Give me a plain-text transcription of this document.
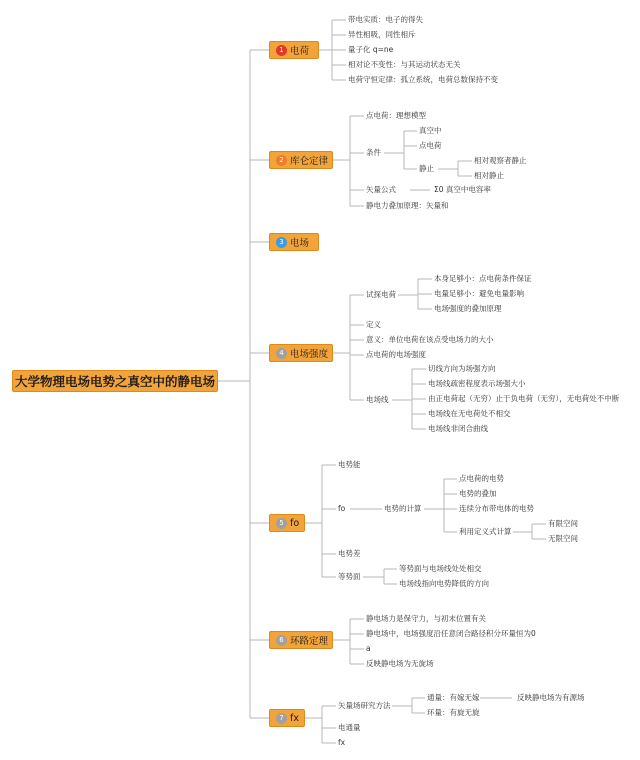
大学物理电场电势之真空中的静电场
1 电荷
2 库仑定律
3 电场
4 电场强度
5 fo
6 环路定理
7 fx
带电实质：电子的得失
异性相吸，同性相斥
量子化 q=ne
相对论不变性：与其运动状态无关
电荷守恒定律：孤立系统，电荷总数保持不变
点电荷：理想模型
条件
真空中
点电荷
静止
相对观察者静止
相对静止
矢量公式	Σ0 真空中电容率
静电力叠加原理：矢量和
试探电荷
本身足够小：点电荷条件保证
电量足够小：避免电量影响
电场强度的叠加原理
定义
意义：单位电荷在该点受电场力的大小
点电荷的电场强度
电场线
切线方向为场强方向
电场线疏密程度表示场强大小
由正电荷起（无穷）止于负电荷（无穷），无电荷处不中断
电场线在无电荷处不相交
电场线非闭合曲线
电势能
fo	电势的计算
点电荷的电势
电势的叠加
连续分布带电体的电势
利用定义式计算
有限空间
无限空间
电势差
等势面
等势面与电场线处处相交
电场线指向电势降低的方向
静电场力是保守力，与初末位置有关
静电场中，电场强度沿任意闭合路径积分环量恒为0
a
反映静电场为无旋场
矢量场研究方法
通量：有嫁无嫁	反映静电场为有源场
环量：有旋无旋
电通量
fx
